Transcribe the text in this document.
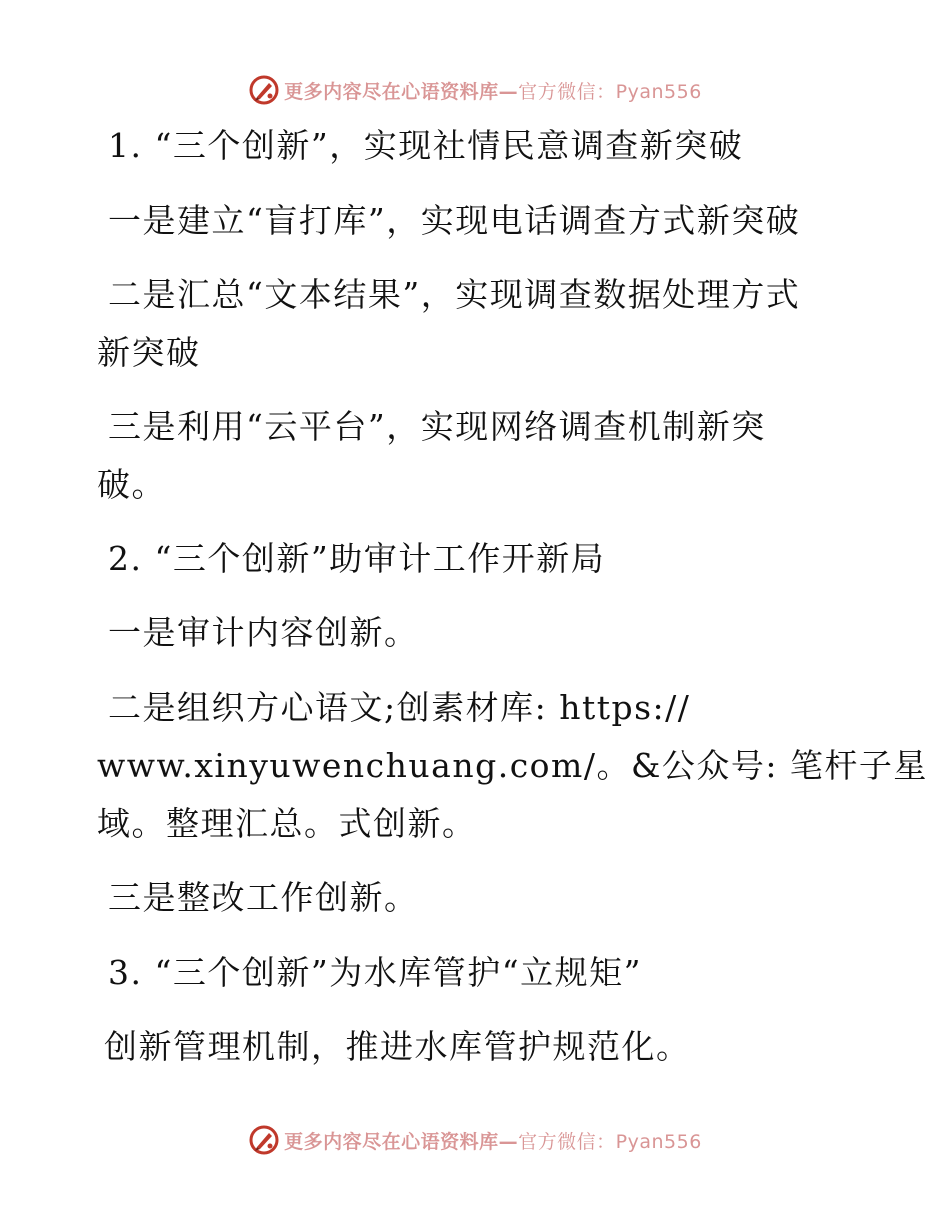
更多内容尽在心语资料库—官方微信：Pyan556
1. “三个创新”，实现社情民意调查新突破
一是建立“盲打库”，实现电话调查方式新突破
二是汇总“文本结果”，实现调查数据处理方式
新突破
三是利用“云平台”，实现网络调查机制新突
破。
2. “三个创新”助审计工作开新局
一是审计内容创新。
二是组织方心语文;创素材库: https://
www.xinyuwenchuang.com/。&公众号: 笔杆子星
域。整理汇总。式创新。
三是整改工作创新。
3. “三个创新”为水库管护“立规矩”
创新管理机制，推进水库管护规范化。
更多内容尽在心语资料库—官方微信：Pyan556
